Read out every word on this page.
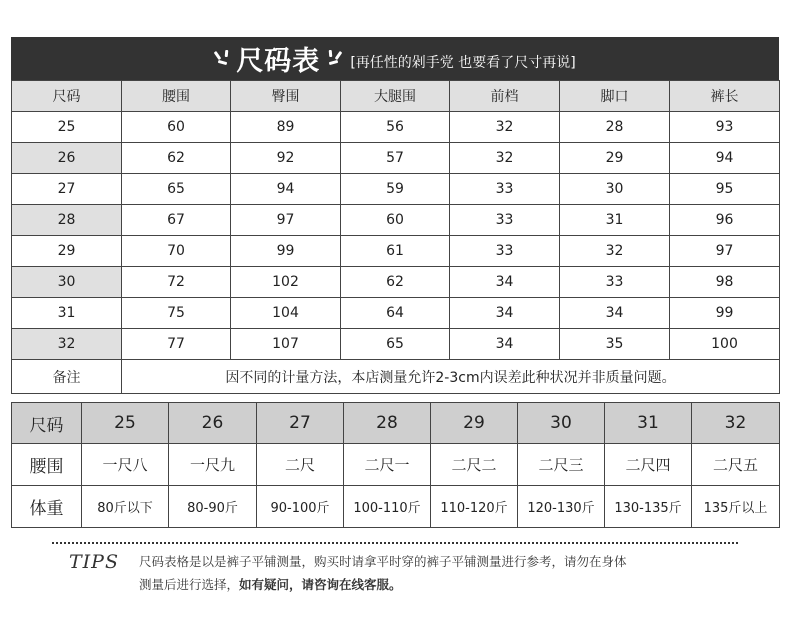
尺码表 [再任性的剁手党 也要看了尺寸再说]
尺码	腰围	臀围	大腿围	前档	脚口	裤长
25	60	89	56	32	28	93
26	62	92	57	32	29	94
27	65	94	59	33	30	95
28	67	97	60	33	31	96
29	70	99	61	33	32	97
30	72	102	62	34	33	98
31	75	104	64	34	34	99
32	77	107	65	34	35	100
备注	因不同的计量方法，本店测量允许2-3cm内误差此种状况并非质量问题。					
尺码	25	26	27	28	29	30	31	32
腰围	一尺八	一尺九	二尺	二尺一	二尺二	二尺三	二尺四	二尺五
体重	80斤以下	80-90斤	90-100斤	100-110斤	110-120斤	120-130斤	130-135斤	135斤以上
TIPS 尺码表格是以是裤子平铺测量，购买时请拿平时穿的裤子平铺测量进行参考，请勿在身体
测量后进行选择，如有疑问，请咨询在线客服。
